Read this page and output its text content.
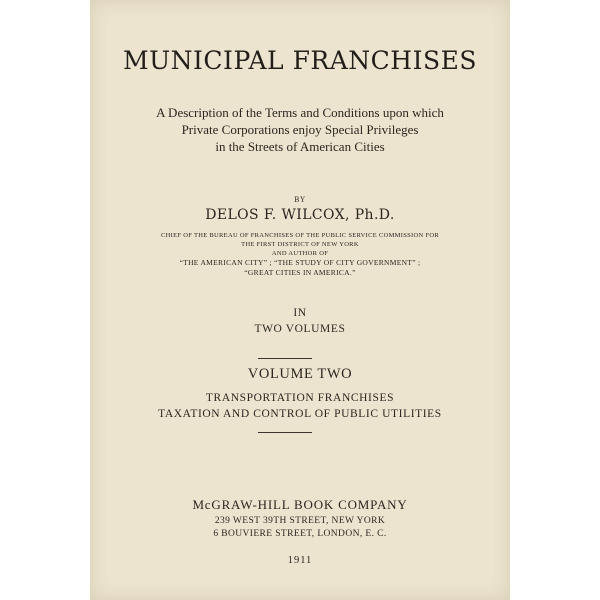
MUNICIPAL FRANCHISES
A Description of the Terms and Conditions upon which
Private Corporations enjoy Special Privileges
in the Streets of American Cities
BY
DELOS F. WILCOX, Ph.D.
CHIEF OF THE BUREAU OF FRANCHISES OF THE PUBLIC SERVICE COMMISSION FOR
THE FIRST DISTRICT OF NEW YORK
AND AUTHOR OF
“THE AMERICAN CITY” ; “THE STUDY OF CITY GOVERNMENT” ;
“GREAT CITIES IN AMERICA.”
IN
TWO VOLUMES
VOLUME TWO
TRANSPORTATION FRANCHISES
TAXATION AND CONTROL OF PUBLIC UTILITIES
McGRAW-HILL BOOK COMPANY
239 WEST 39TH STREET, NEW YORK
6 BOUVIERE STREET, LONDON, E. C.
1911
